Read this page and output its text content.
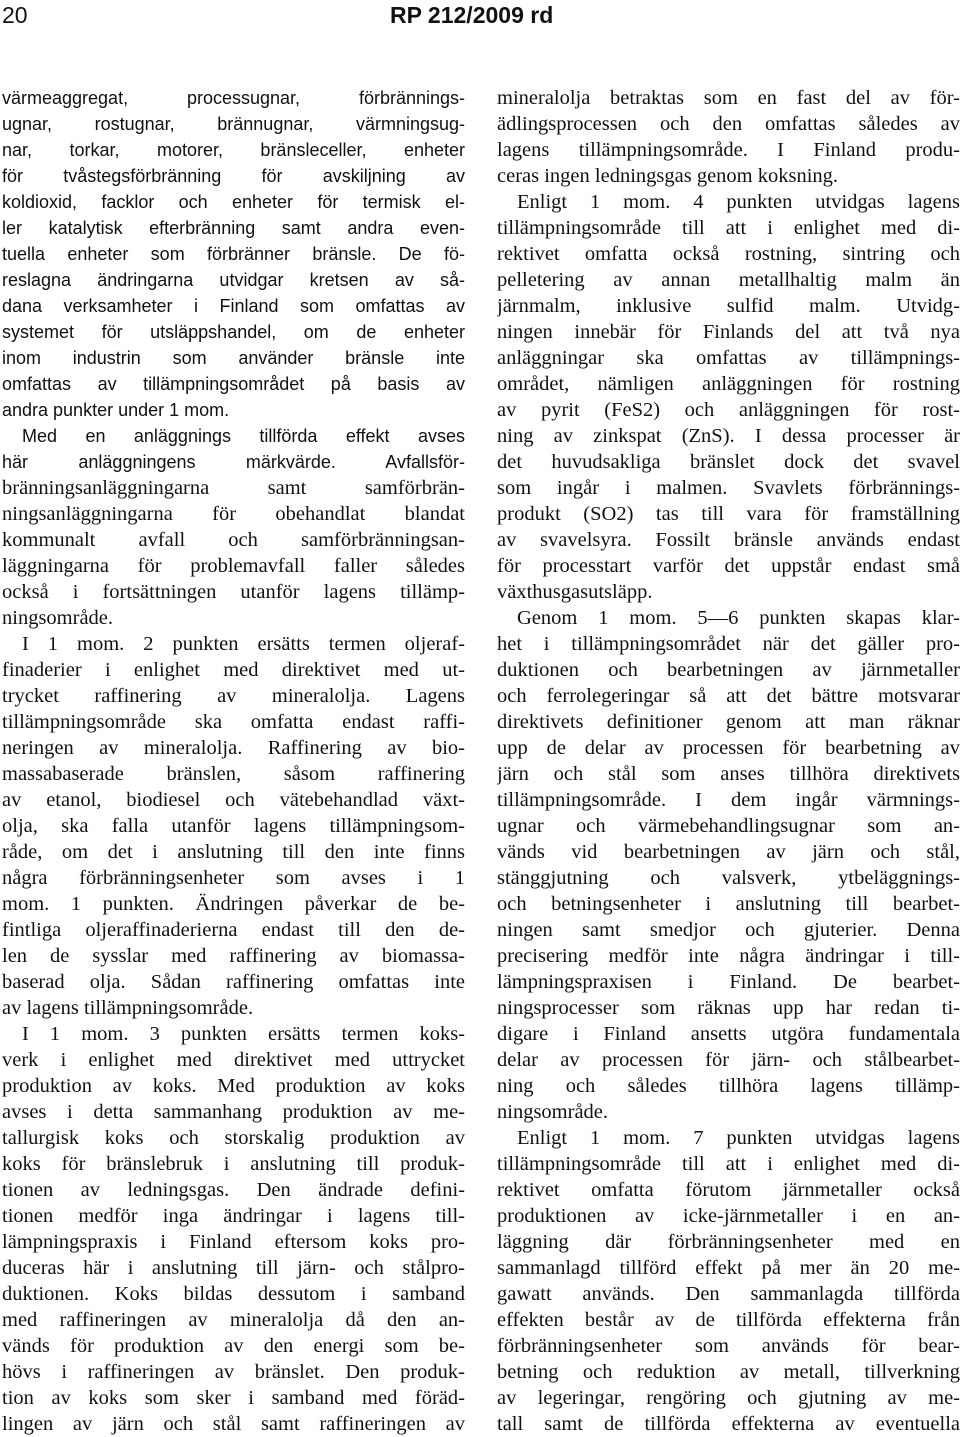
20	RP 212/2009 rd
värmeaggregat, processugnar, förbrännings-
ugnar, rostugnar, brännugnar, värmningsug-
nar, torkar, motorer, bränsleceller, enheter
för tvåstegsförbränning för avskiljning av
koldioxid, facklor och enheter för termisk el-
ler katalytisk efterbränning samt andra even-
tuella enheter som förbränner bränsle. De fö-
reslagna ändringarna utvidgar kretsen av så-
dana verksamheter i Finland som omfattas av
systemet för utsläppshandel, om de enheter
inom industrin som använder bränsle inte
omfattas av tillämpningsområdet på basis av
andra punkter under 1 mom.
Med en anläggnings tillförda effekt avses
här anläggningens märkvärde. Avfallsför-
bränningsanläggningarna samt samförbrän-
ningsanläggningarna för obehandlat blandat
kommunalt avfall och samförbränningsan-
läggningarna för problemavfall faller således
också i fortsättningen utanför lagens tillämp-
ningsområde.
I 1 mom. 2 punkten ersätts termen oljeraf-
finaderier i enlighet med direktivet med ut-
trycket raffinering av mineralolja. Lagens
tillämpningsområde ska omfatta endast raffi-
neringen av mineralolja. Raffinering av bio-
massabaserade bränslen, såsom raffinering
av etanol, biodiesel och vätebehandlad växt-
olja, ska falla utanför lagens tillämpningsom-
råde, om det i anslutning till den inte finns
några förbränningsenheter som avses i 1
mom. 1 punkten. Ändringen påverkar de be-
fintliga oljeraffinaderierna endast till den de-
len de sysslar med raffinering av biomassa-
baserad olja. Sådan raffinering omfattas inte
av lagens tillämpningsområde.
I 1 mom. 3 punkten ersätts termen koks-
verk i enlighet med direktivet med uttrycket
produktion av koks. Med produktion av koks
avses i detta sammanhang produktion av me-
tallurgisk koks och storskalig produktion av
koks för bränslebruk i anslutning till produk-
tionen av ledningsgas. Den ändrade defini-
tionen medför inga ändringar i lagens till-
lämpningspraxis i Finland eftersom koks pro-
duceras här i anslutning till järn- och stålpro-
duktionen. Koks bildas dessutom i samband
med raffineringen av mineralolja då den an-
vänds för produktion av den energi som be-
hövs i raffineringen av bränslet. Den produk-
tion av koks som sker i samband med föräd-
lingen av järn och stål samt raffineringen av
mineralolja betraktas som en fast del av för-
ädlingsprocessen och den omfattas således av
lagens tillämpningsområde. I Finland produ-
ceras ingen ledningsgas genom koksning.
Enligt 1 mom. 4 punkten utvidgas lagens
tillämpningsområde till att i enlighet med di-
rektivet omfatta också rostning, sintring och
pelletering av annan metallhaltig malm än
järnmalm, inklusive sulfid malm. Utvidg-
ningen innebär för Finlands del att två nya
anläggningar ska omfattas av tillämpnings-
området, nämligen anläggningen för rostning
av pyrit (FeS2) och anläggningen för rost-
ning av zinkspat (ZnS). I dessa processer är
det huvudsakliga bränslet dock det svavel
som ingår i malmen. Svavlets förbrännings-
produkt (SO2) tas till vara för framställning
av svavelsyra. Fossilt bränsle används endast
för processtart varför det uppstår endast små
växthusgasutsläpp.
Genom 1 mom. 5—6 punkten skapas klar-
het i tillämpningsområdet när det gäller pro-
duktionen och bearbetningen av järnmetaller
och ferrolegeringar så att det bättre motsvarar
direktivets definitioner genom att man räknar
upp de delar av processen för bearbetning av
järn och stål som anses tillhöra direktivets
tillämpningsområde. I dem ingår värmnings-
ugnar och värmebehandlingsugnar som an-
vänds vid bearbetningen av järn och stål,
stänggjutning och valsverk, ytbeläggnings-
och betningsenheter i anslutning till bearbet-
ningen samt smedjor och gjuterier. Denna
precisering medför inte några ändringar i till-
lämpningspraxisen i Finland. De bearbet-
ningsprocesser som räknas upp har redan ti-
digare i Finland ansetts utgöra fundamentala
delar av processen för järn- och stålbearbet-
ning och således tillhöra lagens tillämp-
ningsområde.
Enligt 1 mom. 7 punkten utvidgas lagens
tillämpningsområde till att i enlighet med di-
rektivet omfatta förutom järnmetaller också
produktionen av icke-järnmetaller i en an-
läggning där förbränningsenheter med en
sammanlagd tillförd effekt på mer än 20 me-
gawatt används. Den sammanlagda tillförda
effekten består av de tillförda effekterna från
förbränningsenheter som används för bear-
betning och reduktion av metall, tillverkning
av legeringar, rengöring och gjutning av me-
tall samt de tillförda effekterna av eventuella
